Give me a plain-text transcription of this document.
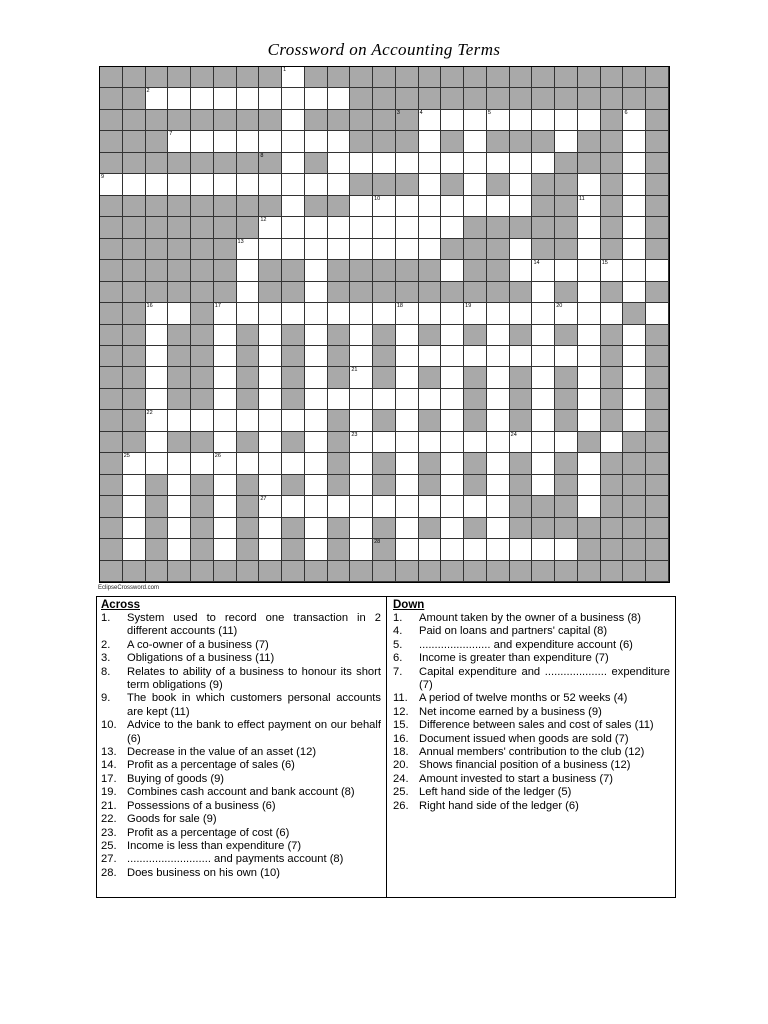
Crossword on Accounting Terms
1
2
3	4	5	6
7
8
9
10	11
12
13
14	15
16	17	18	19	20
21
22
23	24
25	26
27
28
EclipseCrossword.com
Across
1.	System used to record one transaction in 2 different accounts (11)
2.	A co-owner of a business (7)
3.	Obligations of a business (11)
8.	Relates to ability of a business to honour its short term obligations (9)
9.	The book in which customers personal accounts are kept (11)
10. Advice to the bank to effect payment on our behalf (6)
13. Decrease in the value of an asset (12)
14. Profit as a percentage of sales (6)
17. Buying of goods (9)
19. Combines cash account and bank account (8)
21. Possessions of a business (6)
22. Goods for sale (9)
23. Profit as a percentage of cost (6)
25. Income is less than expenditure (7)
27. ........................... and payments account (8)
28. Does business on his own (10)
Down
1.	Amount taken by the owner of a business (8)
4.	Paid on loans and partners' capital (8)
5.	....................... and expenditure account (6)
6.	Income is greater than expenditure (7)
7.	Capital expenditure and .................... expenditure (7)
11.	A period of twelve months or 52 weeks (4)
12. Net income earned by a business (9)
15. Difference between sales and cost of sales (11)
16. Document issued when goods are sold (7)
18. Annual members' contribution to the club (12)
20. Shows financial position of a business (12)
24. Amount invested to start a business (7)
25. Left hand side of the ledger (5)
26. Right hand side of the ledger (6)
